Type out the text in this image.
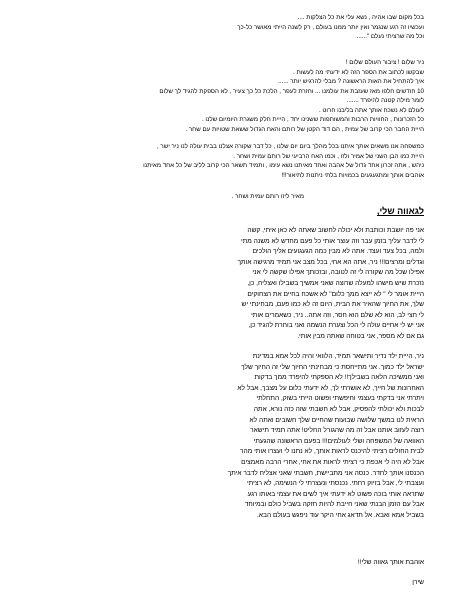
בכל מקום שבו אהיה , נשא עלי את כל הצלקות ....
ועכשיו זה רגע שנגמר ואין יותר ממנו בעולם , רק לשנה הייתי מאושר כל-כך
וכל מה שרציתי נעלם "......
ניר שלום ! ציבור העולם שלום !
שבקשו לכתוב את הספר הזה לא ידעתי מה לעשות .
איך להתחיל את האות הראשונה ? מבלי להרגיש יותר ......
10 חודשים חלפו מאז שעזבת את עולמנו ... וחזרת לעפר , הלכת כל כך צעיר , לא הספקת להגיד לך שלום
לומר מילה קטנה להיפרד .......
לעולם לא נשכח אותך אתה בליבנו חרוט .
כל הזכרונות , החוויות הרבות והמשותפות ששנינו יחד , הייית חלק משגרת היומיום שלנו .
הייית החבר הכי קרוב של עמית , הם דוד הקטן של רותם והאח הגדול ששאת שטויות עם שחר .
כמשפחה אנו משאים אותך איתנו בכל מהלך ביום יום שלנו , כל דבר שקורה אצלנו בבית עולה לנו ניר ישר ,
הייית כמו הבן השני של אמיר ולזו , וכמו האח הרביעי של רותם עמית ושחר .
ניהש , אתה זכרון אחד גדול של אהבה ואחד מאיתנו נשא עימו , ותמיד תשאר הכי קרוב לליב של כל אחד מאיתנו
אוהבים אותך ומתגעגעים בכמויות בלתי ניתנות לתיאור!!!
מאיר ליזו רותם עמית ושחר .
לגאווה שלי,
אני פה יושבת וכותבת ולא יכולה לחשוב שאתה לא כאן איתי, קשה
לי לדבר עליך בזמן עבר וזה עוצר אותי כל פעם מחדש לא משנה מתי
ולמה, בכל צעד ועצד. אתה לא מבין כמה הגעגועים אליך הולכים
וגדלים ומרצים!!! ניר, אתה הא אחי, בכל מצב אני תמיד מרגישה אותך
אפילו שכל מה שקורה לי זה לטובה, ובזכותך אפילו שקשה לי אני
נזכרת שיש מישהו למעלה שרוצה שאני אמשיך בשבילו ואצליח, כן,
הייית אומר לי " לא ייצא ממך כלום" לא אשכח בחיים את הצחוקים
שלך, את החיוך שהאיר את הבית, היום זה לא כמו פעם, מבחינתי יש
לי חצי לב, הוא לא שלם הוא חסר, וזה אתה.. ניר, כשאמרים אותי
אני יש לי אחיים עולה לי הכל וצערת הנשמה ואני בוחרת להגיד כן,
גם אם לא מספר, אני בטוחה שאתה מבין אותי.
ניר, הייית ילד נדיר ותישאר תמיד, הלוואי והיה לכל אמא במדינת
ישראל ילד כמוך. אני מתייחסת כי מבחינתי החיוך שלי זה החיוך שלך
ואני ממשיכה הלאה בשבילך!! לא הספקתי להיפרד ממך בדקות
האחרונות של חייך, לא אושרתי לך, לא ידעתי כלום על מצבך, אבל לא
ויתרתי אני בדקתי בעצמי וחיפשתי ופשוט הייתי בשוק, התחלתי
לבכות ולא יכולתי להפסיק, אבל לא חשבתי שזה כזה נורא, אתה
הראית לנו במשך שלושה שבועות שהחיים שלך חשובים ואתה לא
רוצה לעזוב אותנו אבל זה מה שהגורל החליט! אתה תמיד תישאר
האוואה של המשפחה ושלי לעולמים!!! בפעם הראשונה שהגעתי
לבית החולים רציתי להיכנס לראות אותך, לא נתנו לי ועצרו אותי מהר
אבל לא היה לי אכפת כי רציתי לראות את אחי, אחרי הרבה מאמצים
הכנסנו אותך לחדר. כנסה אני מתביישת, חשבתי שאני אצליח לדבר איתך
ועצבתי לי, אבל בזיוק רחתי. נכנסתי ונעצרתי לי הנשימה, לא רציתי
שתראה אותי בוכה פשוט לא ידעתי איך לשים את עצמי באותו רגע
אבל עם הזמן הבנתי שאני חייבת להיות חזקה בשביל כולם ובמיוחד
בשביל אמא ואבא. אל תדאג אחי היקר עוד ניפגש בעולם הבא.
אוהבת אותך גאווה שלי!!
שירן
